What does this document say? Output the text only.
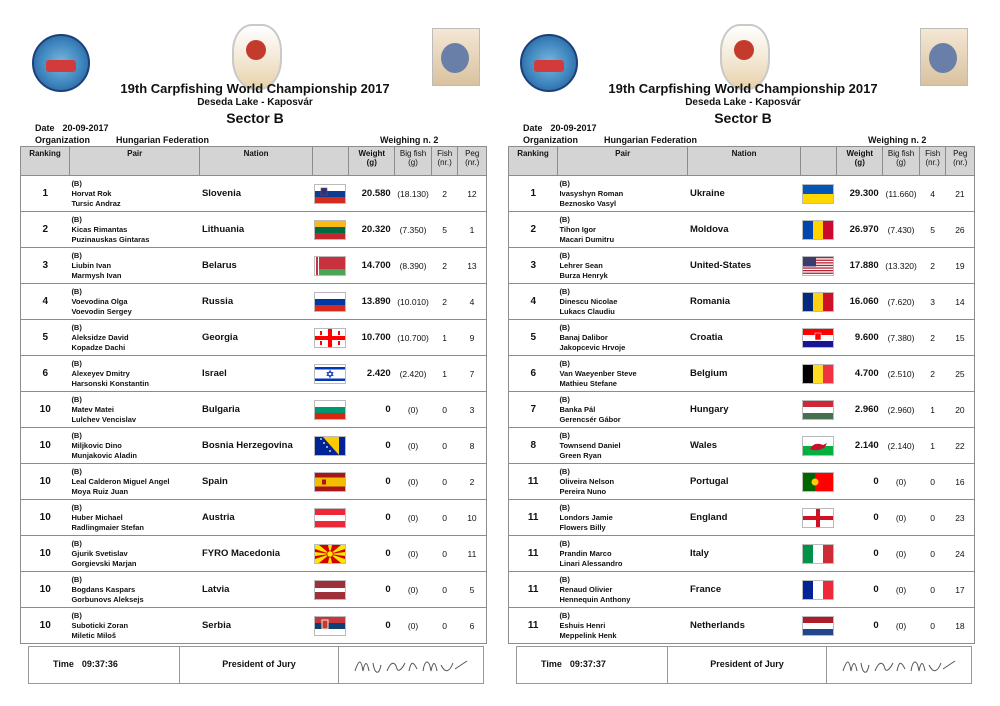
19th Carpfishing World Championship 2017
Deseda Lake - Kaposvár
Sector B
Date 20-09-2017
Organization	Hungarian Federation	Weighing n. 2
Ranking	Pair	Nation		Weight
(g)	Big fish
(g)	Fish
(nr.)	Peg
(nr.)
1	(B)
Horvat Rok
Tursic Andraz	Slovenia		20.580	(18.130)	2	12
2	(B)
Kicas Rimantas
Puzinauskas Gintaras	Lithuania		20.320	(7.350)	5	1
3	(B)
Liubin Ivan
Marmysh Ivan	Belarus		14.700	(8.390)	2	13
4	(B)
Voevodina Olga
Voevodin Sergey	Russia		13.890	(10.010)	2	4
5	(B)
Aleksidze David
Kopadze Dachi	Georgia		10.700	(10.700)	1	9
6	(B)
Alexeyev Dmitry
Harsonski Konstantin	Israel		2.420	(2.420)	1	7
10	(B)
Matev Matei
Lulchev Vencislav	Bulgaria		0	(0)	0	3
10	(B)
Miljkovic Dino
Munjakovic Aladin	Bosnia Herzegovina		0	(0)	0	8
10	(B)
Leal Calderon Miguel Angel
Moya Ruiz Juan	Spain		0	(0)	0	2
10	(B)
Huber Michael
Radlingmaier Stefan	Austria		0	(0)	0	10
10	(B)
Gjurik Svetislav
Gorgievski Marjan	FYRO Macedonia		0	(0)	0	11
10	(B)
Bogdans Kaspars
Gorbunovs Aleksejs	Latvia		0	(0)	0	5
10	(B)
Suboticki Zoran
Miletic Miloš	Serbia		0	(0)	0	6
Time 09:37:36	President of Jury
19th Carpfishing World Championship 2017
Deseda Lake - Kaposvár
Sector B
Date 20-09-2017
Organization	Hungarian Federation	Weighing n. 2
Ranking	Pair	Nation		Weight
(g)	Big fish
(g)	Fish
(nr.)	Peg
(nr.)
1	(B)
Ivasyshyn Roman
Beznosko Vasyl	Ukraine		29.300	(11.660)	4	21
2	(B)
Tihon Igor
Macari Dumitru	Moldova		26.970	(7.430)	5	26
3	(B)
Lehrer Sean
Burza Henryk	United-States		17.880	(13.320)	2	19
4	(B)
Dinescu Nicolae
Lukacs Claudiu	Romania		16.060	(7.620)	3	14
5	(B)
Banaj Dalibor
Jakopcevic Hrvoje	Croatia		9.600	(7.380)	2	15
6	(B)
Van Waeyenber Steve
Mathieu Stefane	Belgium		4.700	(2.510)	2	25
7	(B)
Banka Pál
Gerencsér Gábor	Hungary		2.960	(2.960)	1	20
8	(B)
Townsend Daniel
Green Ryan	Wales		2.140	(2.140)	1	22
11	(B)
Oliveira Nelson
Pereira Nuno	Portugal		0	(0)	0	16
11	(B)
Londors Jamie
Flowers Billy	England		0	(0)	0	23
11	(B)
Prandin Marco
Linari Alessandro	Italy		0	(0)	0	24
11	(B)
Renaud Olivier
Hennequin Anthony	France		0	(0)	0	17
11	(B)
Eshuis Henri
Meppelink Henk	Netherlands		0	(0)	0	18
Time 09:37:37	President of Jury
